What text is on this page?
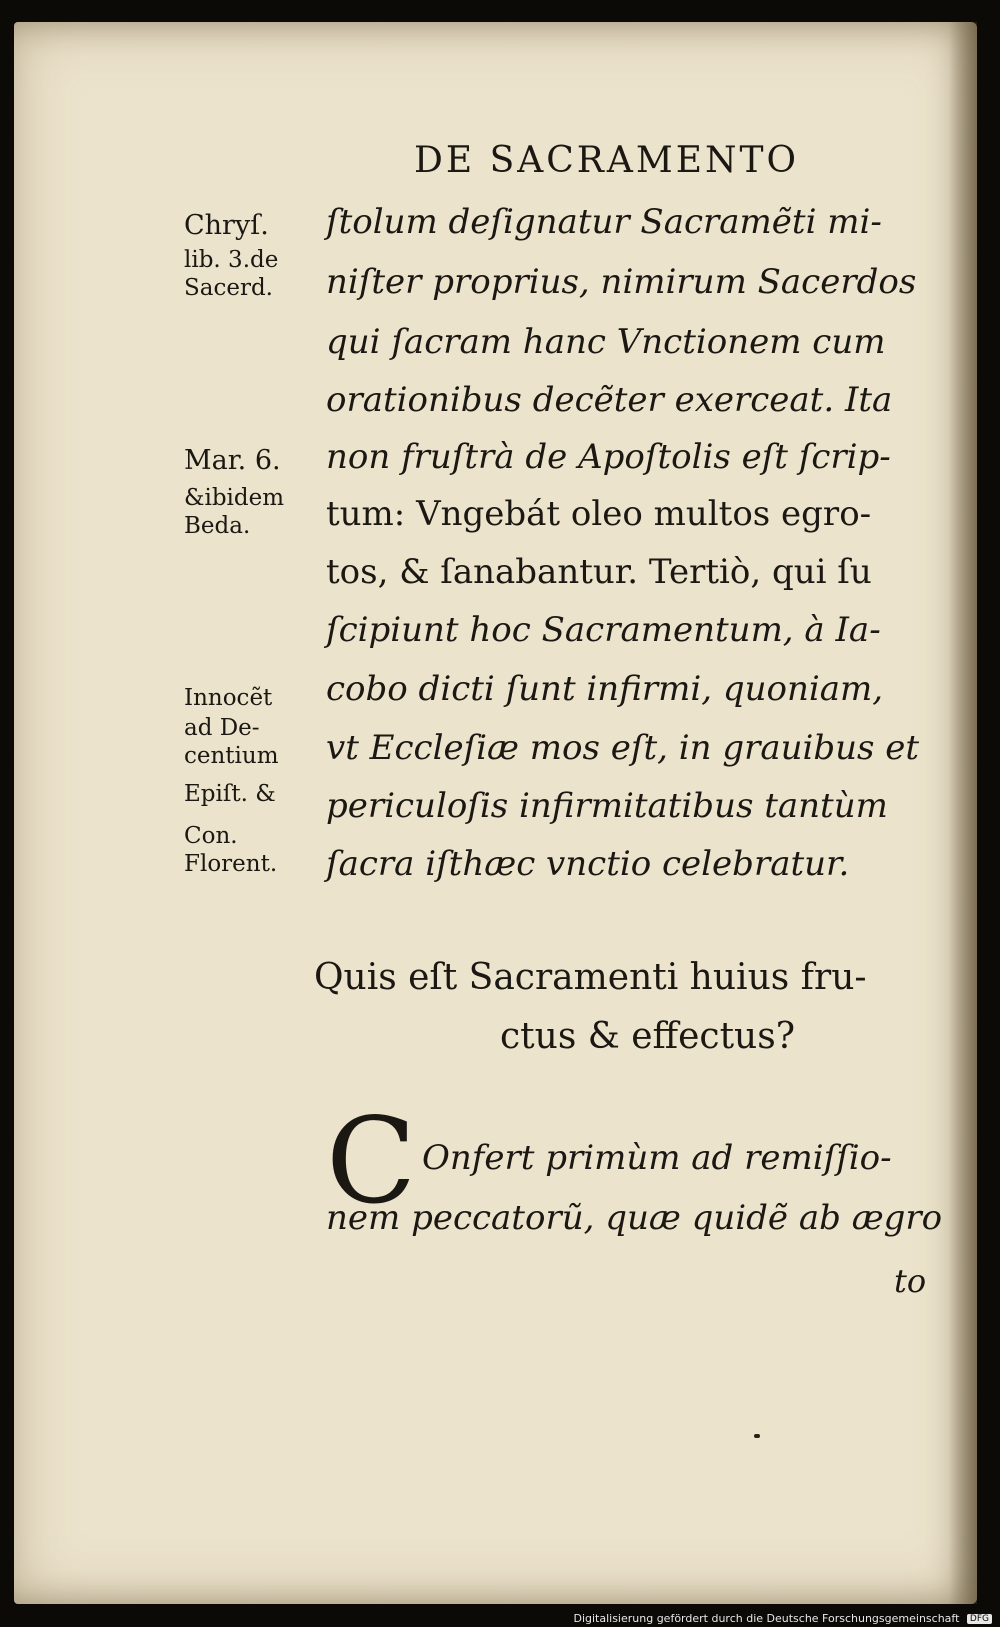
DE SACRAMENTO
ſtolum deſignatur Sacramẽti mi-
niſter proprius, nimirum Sacerdos
qui ſacram hanc Vnctionem cum
orationibus decẽter exerceat. Ita
non fruſtrà de Apoſtolis eſt ſcrip-
tum: Vngebát oleo multos egro-
tos, & ſanabantur. Tertiò, qui ſu
ſcipiunt hoc Sacramentum, à Ia-
cobo dicti ſunt infirmi, quoniam,
vt Eccleſiæ mos eſt, in grauibus et
periculoſis infirmitatibus tantùm
ſacra iſthæc vnctio celebratur.
Chryſ.
lib. 3.de
Sacerd.
Mar. 6.
&ibidem
Beda.
Innocẽt
ad De-
centium
Epiſt. &
Con.
Florent.
Quis eſt Sacramenti huius fru-
ctus & effectus?
C Onfert primùm ad remiſſio-
nem peccatorũ, quæ quidẽ ab ægro
to
Digitalisierung gefördert durch die Deutsche Forschungsgemeinschaft DFG
